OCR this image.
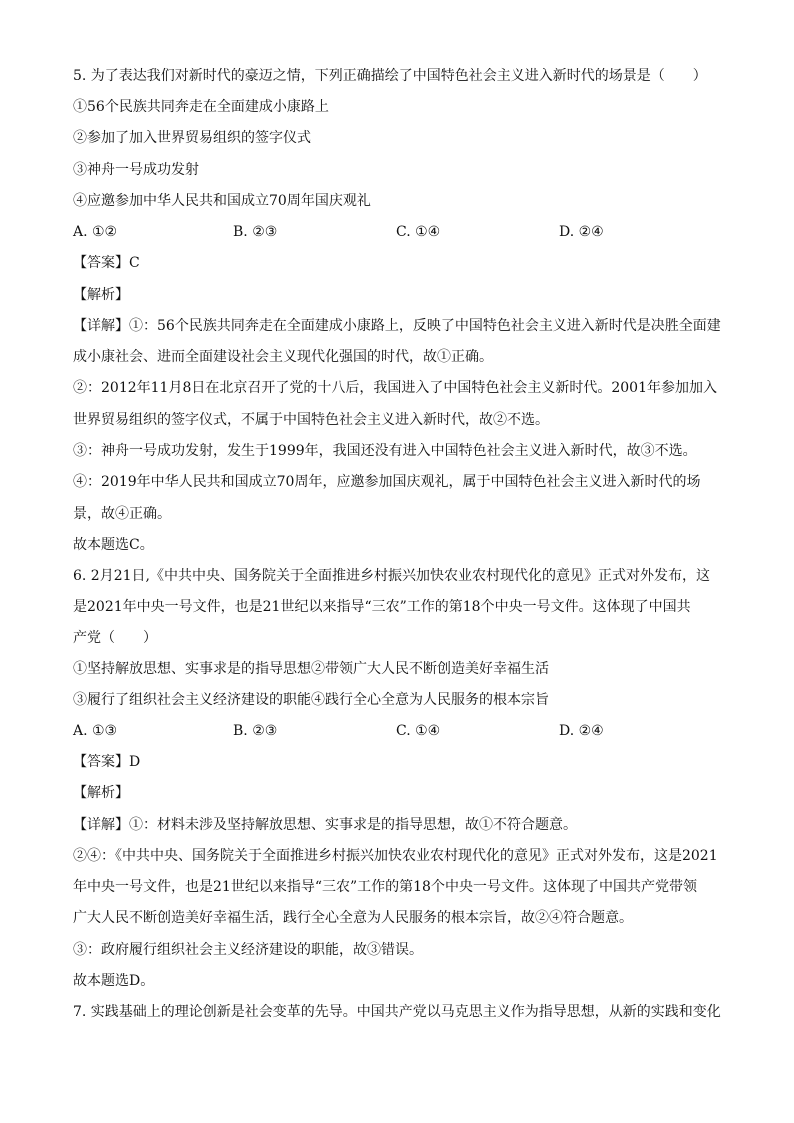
5. 为了表达我们对新时代的豪迈之情，下列正确描绘了中国特色社会主义进入新时代的场景是（　　）
①56个民族共同奔走在全面建成小康路上
②参加了加入世界贸易组织的签字仪式
③神舟一号成功发射
④应邀参加中华人民共和国成立70周年国庆观礼
A. ①②	B. ②③	C. ①④	D. ②④
【答案】C
【解析】
【详解】①：56个民族共同奔走在全面建成小康路上，反映了中国特色社会主义进入新时代是决胜全面建
成小康社会、进而全面建设社会主义现代化强国的时代，故①正确。
②：2012年11月8日在北京召开了党的十八后，我国进入了中国特色社会主义新时代。2001年参加加入
世界贸易组织的签字仪式，不属于中国特色社会主义进入新时代，故②不选。
③：神舟一号成功发射，发生于1999年，我国还没有进入中国特色社会主义进入新时代，故③不选。
④：2019年中华人民共和国成立70周年，应邀参加国庆观礼，属于中国特色社会主义进入新时代的场
景，故④正确。
故本题选C。
6. 2月21日,《中共中央、国务院关于全面推进乡村振兴加快农业农村现代化的意见》正式对外发布，这
是2021年中央一号文件，也是21世纪以来指导“三农”工作的第18个中央一号文件。这体现了中国共
产党（　　）
①坚持解放思想、实事求是的指导思想②带领广大人民不断创造美好幸福生活
③履行了组织社会主义经济建设的职能④践行全心全意为人民服务的根本宗旨
A. ①③	B. ②③	C. ①④	D. ②④
【答案】D
【解析】
【详解】①：材料未涉及坚持解放思想、实事求是的指导思想，故①不符合题意。
②④：《中共中央、国务院关于全面推进乡村振兴加快农业农村现代化的意见》正式对外发布，这是2021
年中央一号文件，也是21世纪以来指导“三农”工作的第18个中央一号文件。这体现了中国共产党带领
广大人民不断创造美好幸福生活，践行全心全意为人民服务的根本宗旨，故②④符合题意。
③：政府履行组织社会主义经济建设的职能，故③错误。
故本题选D。
7. 实践基础上的理论创新是社会变革的先导。中国共产党以马克思主义作为指导思想，从新的实践和变化
